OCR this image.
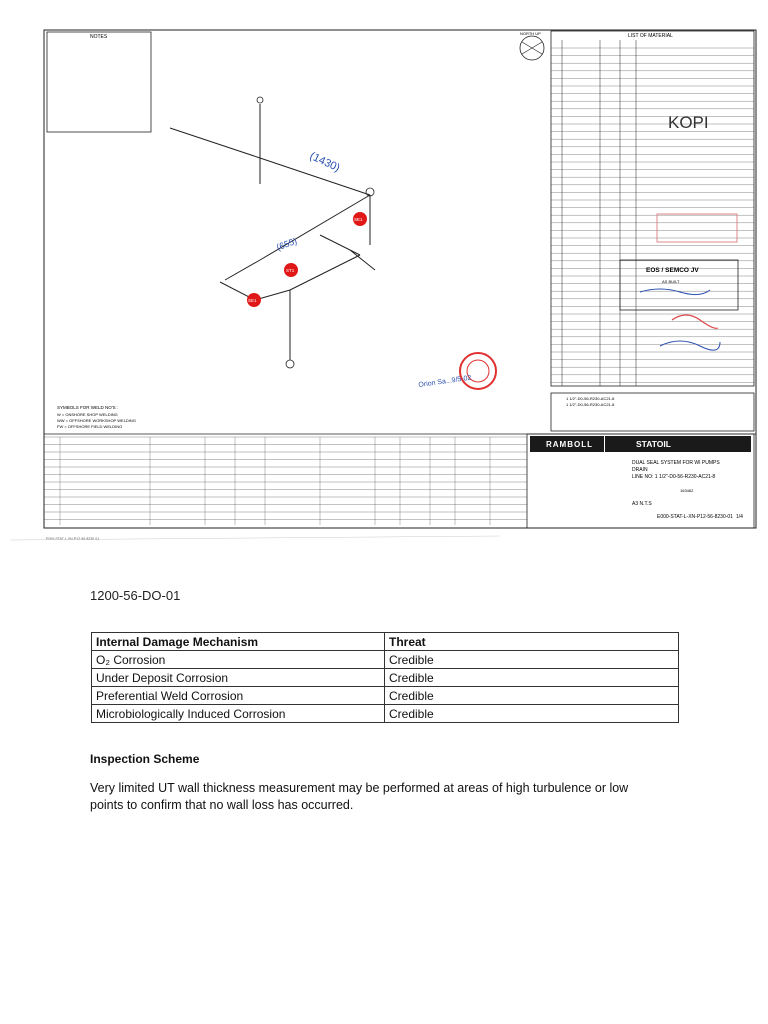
NOTES
NORTH UP	LIST OF MATERIAL
KOPI
EOS / SEMCO JV
AS BUILT
SE1
ST1
SE1
(1430)
(655)
Orion Sa...9/5-02
SYMBOLS FOR WELD NO'S :
W = ONSHORE SHOP WELDING
WW = OFFSHORE WORKSHOP WELDING
FW = OFFSHORE FIELD WELDING
1 1/2"-D0-56-R230-AC21-8
1 1/2"-D0-56-R230-AC21-8
RAMBOLL	STATOIL
DUAL SEAL SYSTEM FOR WI PUMPS
DRAIN
LINE NO: 1 1/2"-D0-56-R230-AC21-8
163462
A3 N.T.S
E000-STAT-L-XN-P12-56-8230-01 1/4
E000-STAT-L-XN-P12-56-8230-01
1200-56-DO-01
Internal Damage Mechanism	Threat
O₂ Corrosion	Credible
Under Deposit Corrosion	Credible
Preferential Weld Corrosion	Credible
Microbiologically Induced Corrosion	Credible
Inspection Scheme
Very limited UT wall thickness measurement may be performed at areas of high turbulence or low points to confirm that no wall loss has occurred.
